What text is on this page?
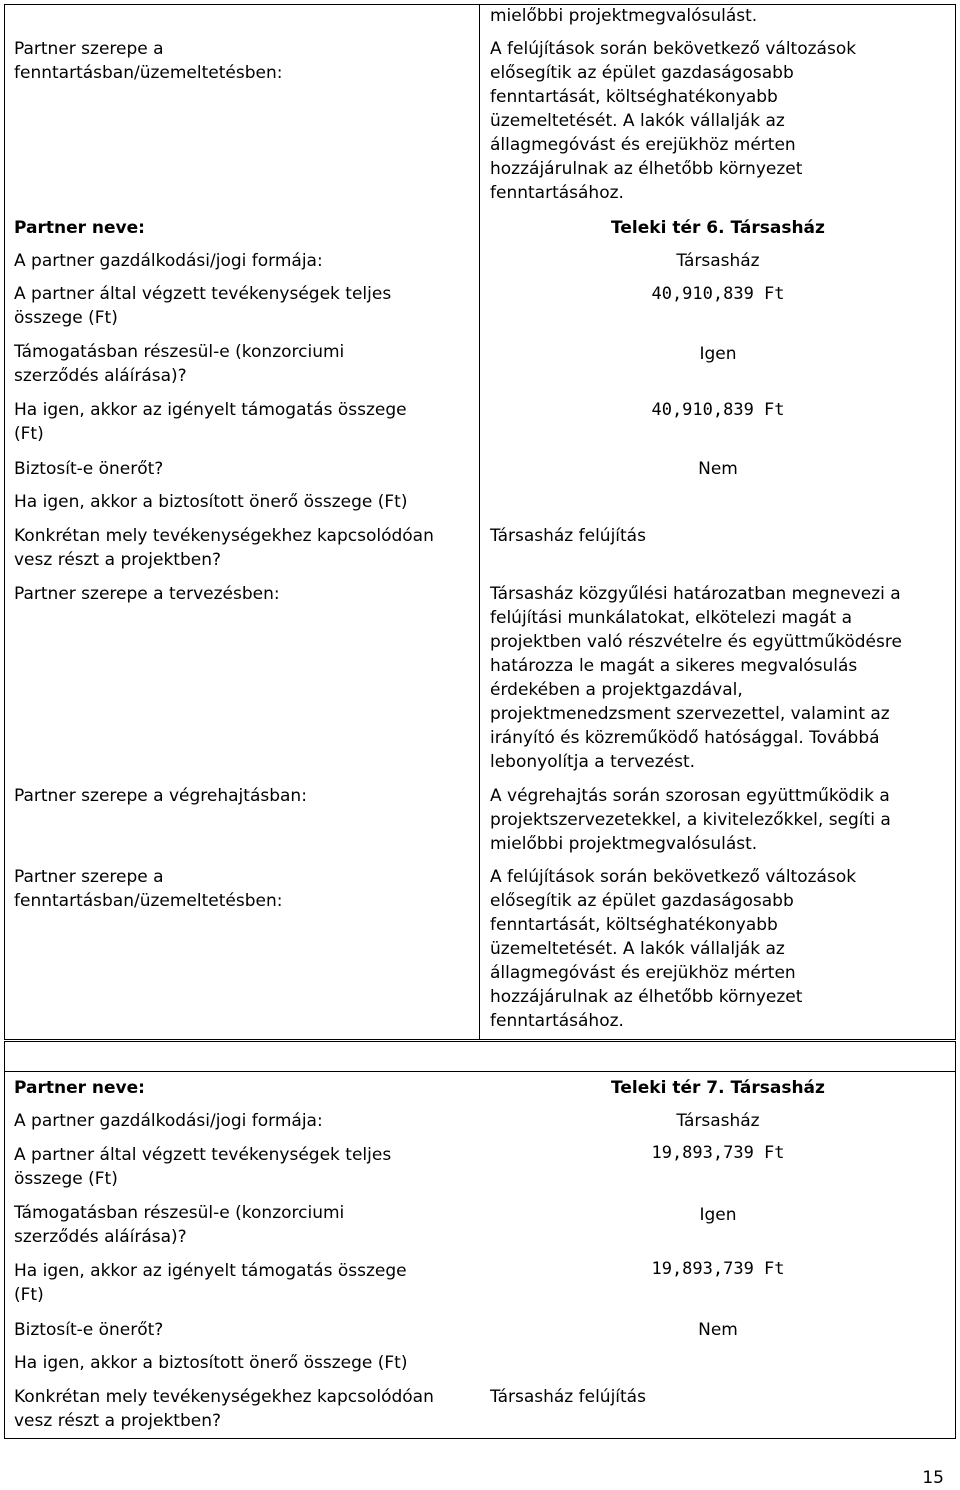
Partner szerepe a
fenntartásban/üzemeltetésben:
Partner neve:
A partner gazdálkodási/jogi formája:
A partner által végzett tevékenységek teljes
összege (Ft)
Támogatásban részesül-e (konzorciumi
szerződés aláírása)?
Ha igen, akkor az igényelt támogatás összege
(Ft)
Biztosít-e önerőt?
Ha igen, akkor a biztosított önerő összege (Ft)
Konkrétan mely tevékenységekhez kapcsolódóan
vesz részt a projektben?
Partner szerepe a tervezésben:
Partner szerepe a végrehajtásban:
Partner szerepe a
fenntartásban/üzemeltetésben:
mielőbbi projektmegvalósulást.
A felújítások során bekövetkező változások
elősegítik az épület gazdaságosabb
fenntartását, költséghatékonyabb
üzemeltetését. A lakók vállalják az
állagmegóvást és erejükhöz mérten
hozzájárulnak az élhetőbb környezet
fenntartásához.
Teleki tér 6. Társasház
Társasház
40,910,839 Ft
Igen
40,910,839 Ft
Nem
Társasház felújítás
Társasház közgyűlési határozatban megnevezi a
felújítási munkálatokat, elkötelezi magát a
projektben való részvételre és együttműködésre
határozza le magát a sikeres megvalósulás
érdekében a projektgazdával,
projektmenedzsment szervezettel, valamint az
irányító és közreműködő hatósággal. Továbbá
lebonyolítja a tervezést.
A végrehajtás során szorosan együttműködik a
projektszervezetekkel, a kivitelezőkkel, segíti a
mielőbbi projektmegvalósulást.
A felújítások során bekövetkező változások
elősegítik az épület gazdaságosabb
fenntartását, költséghatékonyabb
üzemeltetését. A lakók vállalják az
állagmegóvást és erejükhöz mérten
hozzájárulnak az élhetőbb környezet
fenntartásához.
Partner neve:
A partner gazdálkodási/jogi formája:
A partner által végzett tevékenységek teljes
összege (Ft)
Támogatásban részesül-e (konzorciumi
szerződés aláírása)?
Ha igen, akkor az igényelt támogatás összege
(Ft)
Biztosít-e önerőt?
Ha igen, akkor a biztosított önerő összege (Ft)
Konkrétan mely tevékenységekhez kapcsolódóan
vesz részt a projektben?
Teleki tér 7. Társasház
Társasház
19,893,739 Ft
Igen
19,893,739 Ft
Nem
Társasház felújítás
15
